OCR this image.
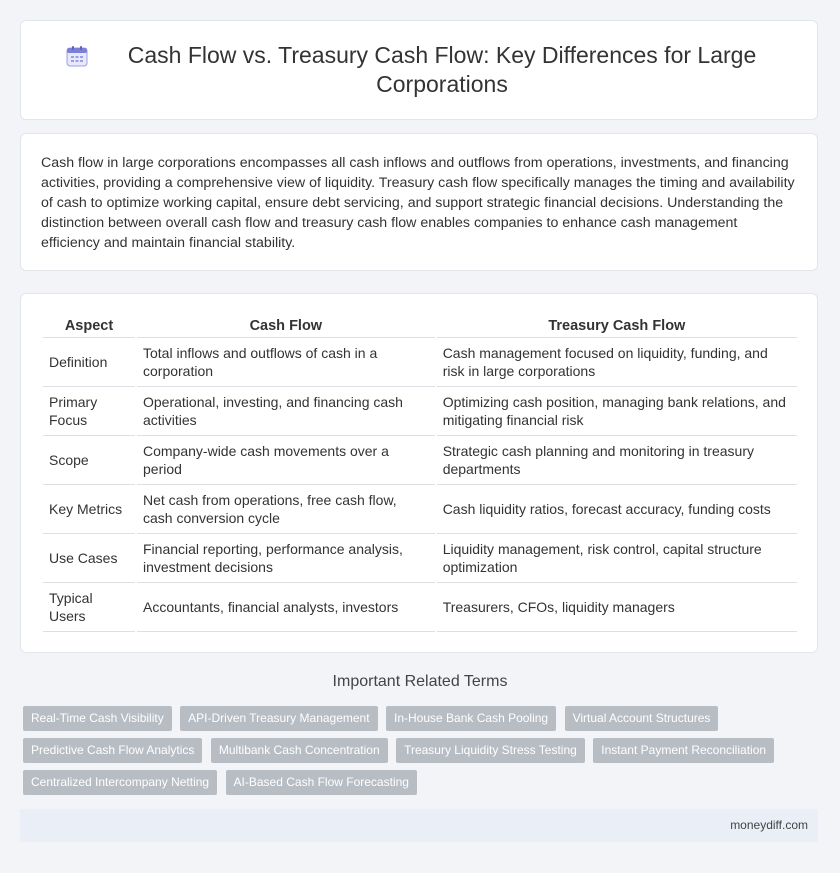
Cash Flow vs. Treasury Cash Flow: Key Differences for Large Corporations
Cash flow in large corporations encompasses all cash inflows and outflows from operations, investments, and financing activities, providing a comprehensive view of liquidity. Treasury cash flow specifically manages the timing and availability of cash to optimize working capital, ensure debt servicing, and support strategic financial decisions. Understanding the distinction between overall cash flow and treasury cash flow enables companies to enhance cash management efficiency and maintain financial stability.
Aspect	Cash Flow	Treasury Cash Flow
Definition	Total inflows and outflows of cash in a corporation	Cash management focused on liquidity, funding, and risk in large corporations
Primary Focus	Operational, investing, and financing cash activities	Optimizing cash position, managing bank relations, and mitigating financial risk
Scope	Company-wide cash movements over a period	Strategic cash planning and monitoring in treasury departments
Key Metrics	Net cash from operations, free cash flow, cash conversion cycle	Cash liquidity ratios, forecast accuracy, funding costs
Use Cases	Financial reporting, performance analysis, investment decisions	Liquidity management, risk control, capital structure optimization
Typical Users	Accountants, financial analysts, investors	Treasurers, CFOs, liquidity managers
Important Related Terms
Real-Time Cash Visibility API-Driven Treasury Management In-House Bank Cash Pooling Virtual Account Structures Predictive Cash Flow Analytics Multibank Cash Concentration Treasury Liquidity Stress Testing Instant Payment Reconciliation Centralized Intercompany Netting AI-Based Cash Flow Forecasting
moneydiff.com
